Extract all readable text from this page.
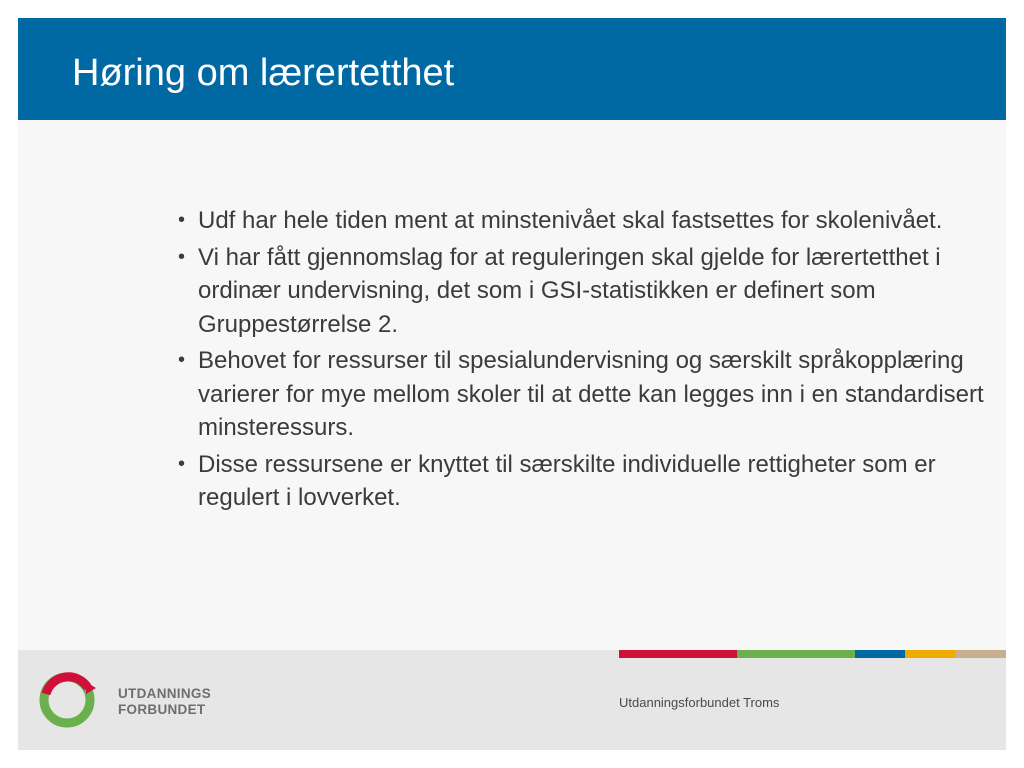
Høring om lærertetthet
• Udf har hele tiden ment at minstenivået skal fastsettes for skolenivået.
• Vi har fått gjennomslag for at reguleringen skal gjelde for lærertetthet i ordinær undervisning, det som i GSI-statistikken er definert som Gruppestørrelse 2.
• Behovet for ressurser til spesialundervisning og særskilt språkopplæring varierer for mye mellom skoler til at dette kan legges inn i en standardisert minsteressurs.
• Disse ressursene er knyttet til særskilte individuelle rettigheter som er regulert i lovverket.
UTDANNINGS
FORBUNDET	Utdanningsforbundet Troms
